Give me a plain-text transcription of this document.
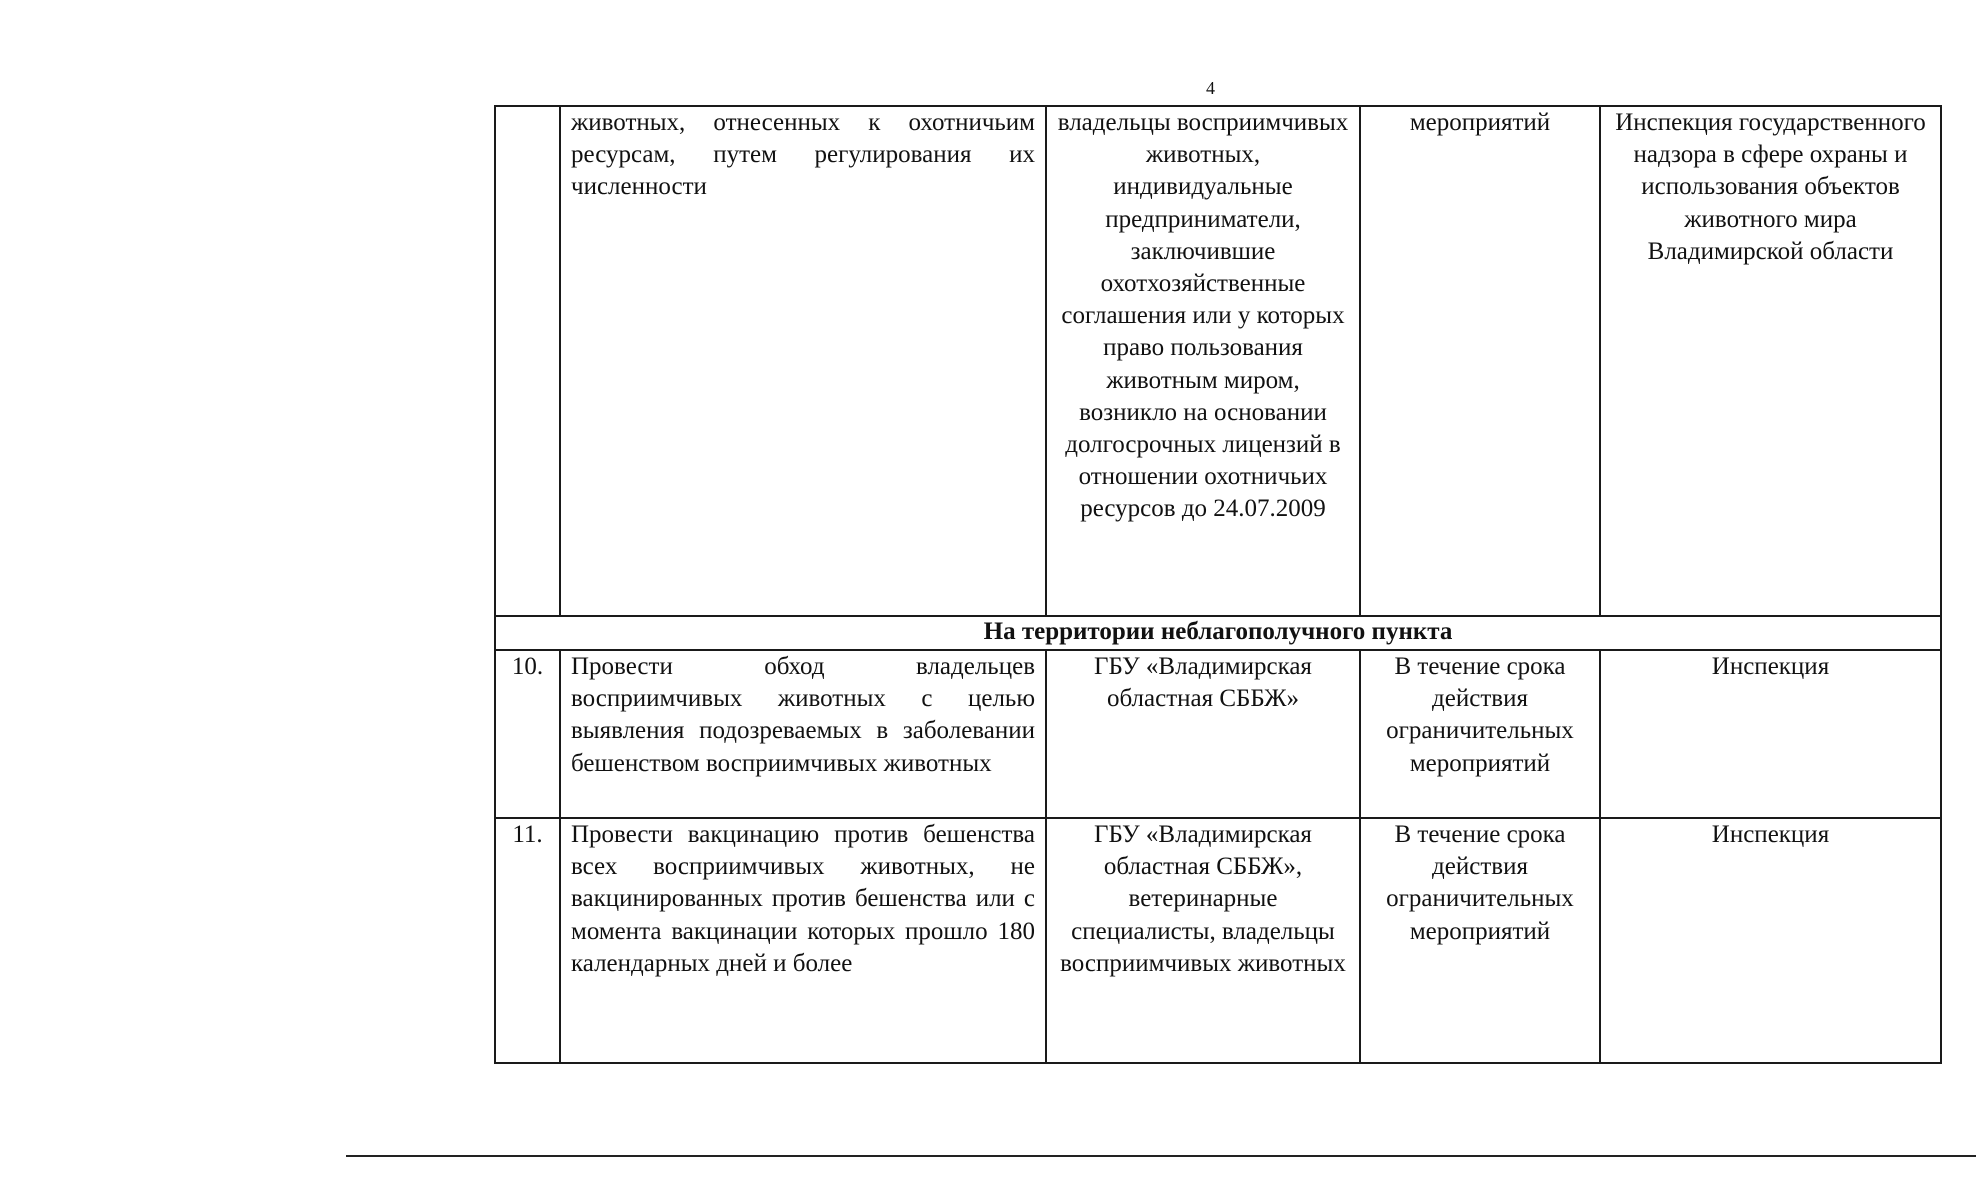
4
	животных, отнесенных к охотничьим ресурсам, путем регулирования их численности	владельцы восприимчивых животных, индивидуальные предприниматели, заключившие охотхозяйственные соглашения или у которых право пользования животным миром, возникло на основании долгосрочных лицензий в отношении охотничьих ресурсов до 24.07.2009	мероприятий	Инспекция государственного надзора в сфере охраны и использования объектов животного мира Владимирской области
На территории неблагополучного пункта				
10.	Провести обход владельцев восприимчивых животных с целью выявления подозреваемых в заболевании бешенством восприимчивых животных	ГБУ «Владимирская областная СББЖ»	В течение срока действия ограничительных мероприятий	Инспекция
11.	Провести вакцинацию против бешенства всех восприимчивых животных, не вакцинированных против бешенства или с момента вакцинации которых прошло 180 календарных дней и более	ГБУ «Владимирская областная СББЖ», ветеринарные специалисты, владельцы восприимчивых животных	В течение срока действия ограничительных мероприятий	Инспекция
